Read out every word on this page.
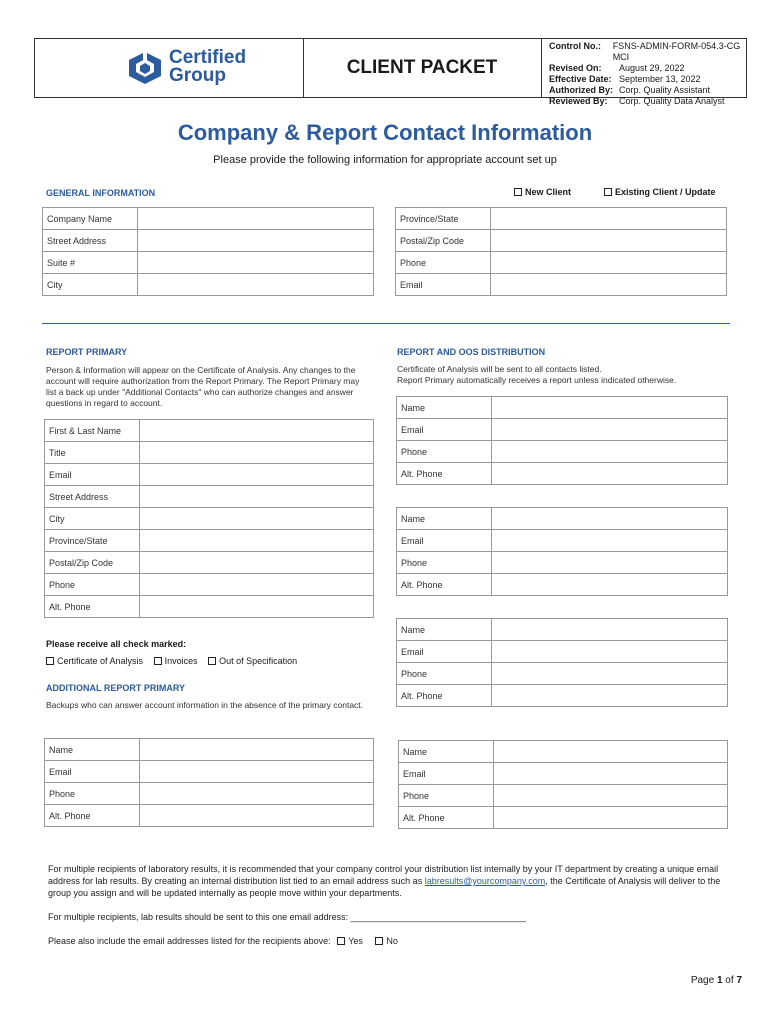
Certified
Group	CLIENT PACKET
Control No.:	FSNS-ADMIN-FORM-054.3-CG MCI
Revised On:	August 29, 2022
Effective Date: September 13, 2022
Authorized By: Corp. Quality Assistant
Reviewed By:	Corp. Quality Data Analyst
Company & Report Contact Information
Please provide the following information for appropriate account set up
GENERAL INFORMATION	New Client	Existing Client / Update
Company Name	
Street Address	
Suite #	
City	
Province/State	
Postal/Zip Code	
Phone	
Email	
REPORT PRIMARY
Person & Information will appear on the Certificate of Analysis. Any changes to the account will require authorization from the Report Primary. The Report Primary may list a back up under "Additional Contacts" who can authorize changes and answer questions in regard to account.
First & Last Name	
Title	
Email	
Street Address	
City	
Province/State	
Postal/Zip Code	
Phone	
Alt. Phone	
Please receive all check marked:
Certificate of Analysis Invoices Out of Specification
ADDITIONAL REPORT PRIMARY
Backups who can answer account information in the absence of the primary contact.
Name	
Email	
Phone	
Alt. Phone	
REPORT AND OOS DISTRIBUTION
Certificate of Analysis will be sent to all contacts listed.
Report Primary automatically receives a report unless indicated otherwise.
Name	
Email	
Phone	
Alt. Phone	
Name	
Email	
Phone	
Alt. Phone	
Name	
Email	
Phone	
Alt. Phone	
Name	
Email	
Phone	
Alt. Phone	
For multiple recipients of laboratory results, it is recommended that your company control your distribution list internally by your IT department by creating a unique email address for lab results. By creating an internal distribution list tied to an email address such as labresults@yourcompany.com, the Certificate of Analysis will deliver to the group you assign and will be updated internally as people move within your departments.
For multiple recipients, lab results should be sent to this one email address: ___________________________________
Please also include the email addresses listed for the recipients above: Yes	No
Page 1 of 7
